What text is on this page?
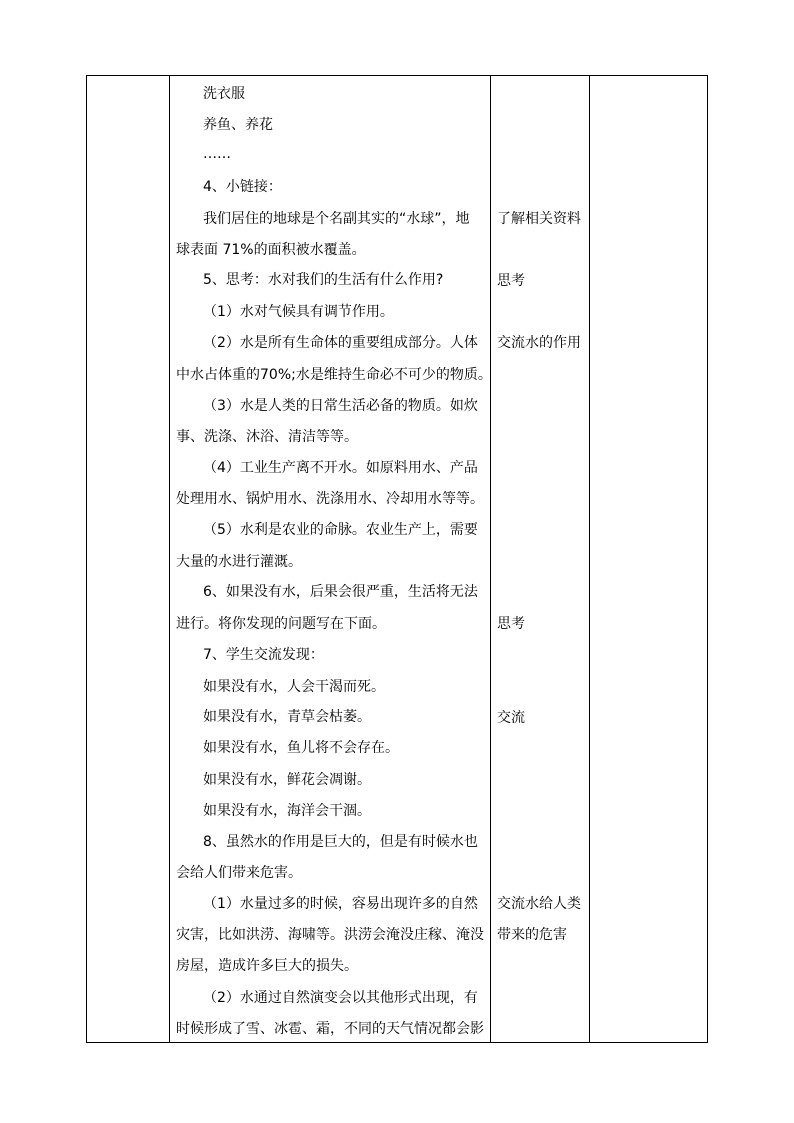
洗衣服
养鱼、养花
……
4、小链接：
我们居住的地球是个名副其实的“水球”，地
球表面 71%的面积被水覆盖。
5、思考：水对我们的生活有什么作用?
（1）水对气候具有调节作用。
（2）水是所有生命体的重要组成部分。人体
中水占体重的70%;水是维持生命必不可少的物质。
（3）水是人类的日常生活必备的物质。如炊
事、洗涤、沐浴、清洁等等。
（4）工业生产离不开水。如原料用水、产品
处理用水、锅炉用水、洗涤用水、冷却用水等等。
（5）水利是农业的命脉。农业生产上，需要
大量的水进行灌溉。
6、如果没有水，后果会很严重，生活将无法
进行。将你发现的问题写在下面。
7、学生交流发现：
如果没有水，人会干渴而死。
如果没有水，青草会枯萎。
如果没有水，鱼儿将不会存在。
如果没有水，鲜花会凋谢。
如果没有水，海洋会干涸。
8、虽然水的作用是巨大的，但是有时候水也
会给人们带来危害。
（1）水量过多的时候，容易出现许多的自然
灾害，比如洪涝、海啸等。洪涝会淹没庄稼、淹没
房屋，造成许多巨大的损失。
（2）水通过自然演变会以其他形式出现，有
时候形成了雪、冰雹、霜，不同的天气情况都会影
了解相关资料
思考
交流水的作用
思考
交流
交流水给人类
带来的危害
